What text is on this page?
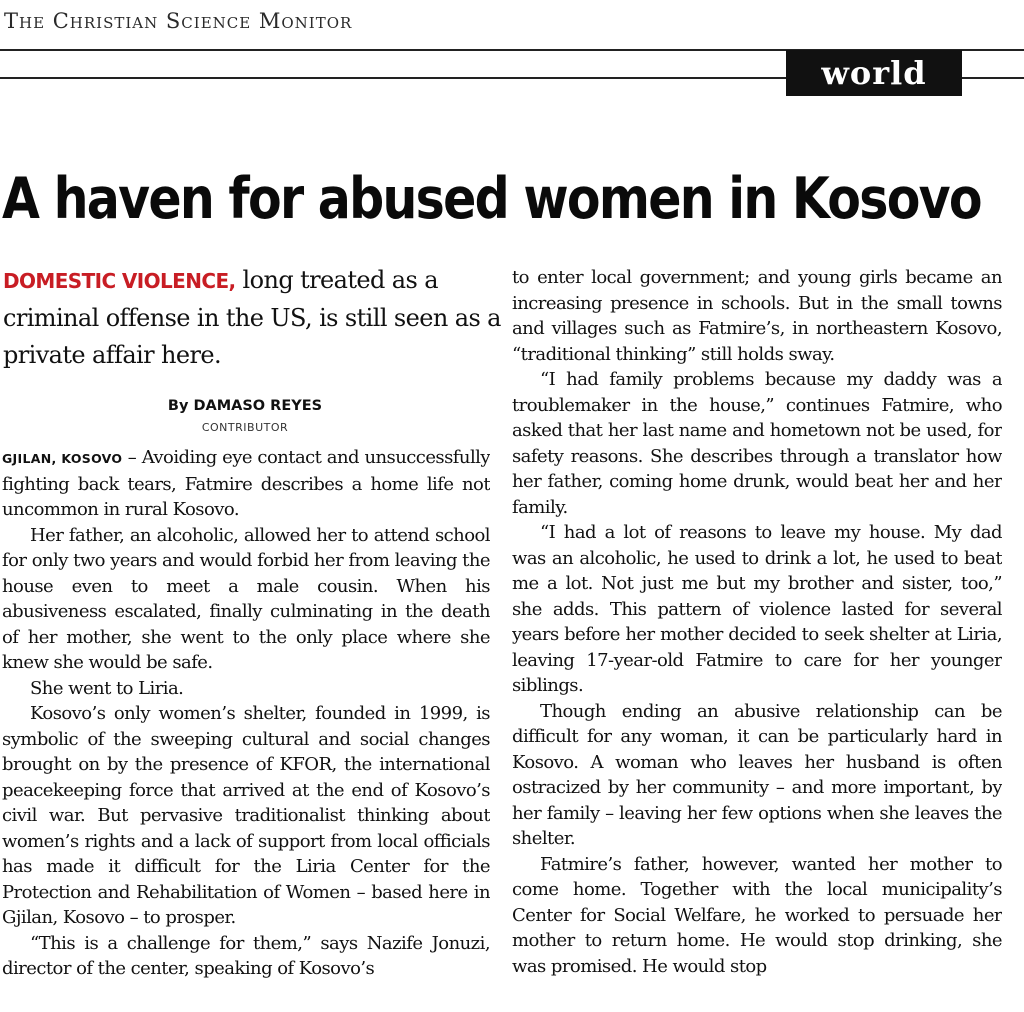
The Christian Science Monitor
world
A haven for abused women in Kosovo
DOMESTIC VIOLENCE, long treated as a criminal offense in the US, is still seen as a private affair here.
By DAMASO REYES
CONTRIBUTOR

GJILAN, KOSOVO – Avoiding eye contact and unsuccessfully fighting back tears, Fatmire describes a home life not uncommon in rural Kosovo.

Her father, an alcoholic, allowed her to attend school for only two years and would forbid her from leaving the house even to meet a male cousin. When his abusiveness escalated, finally culminating in the death of her mother, she went to the only place where she knew she would be safe.

She went to Liria.

Kosovo’s only women’s shelter, founded in 1999, is symbolic of the sweeping cultural and social changes brought on by the presence of KFOR, the international peacekeeping force that arrived at the end of Kosovo’s civil war. But pervasive traditionalist thinking about women’s rights and a lack of support from local officials has made it difficult for the Liria Center for the Protection and Rehabilitation of Women – based here in Gjilan, Kosovo – to prosper.

“This is a challenge for them,” says Nazife Jonuzi, director of the center, speaking of Kosovo’s

to enter local government; and young girls became an increasing presence in schools. But in the small towns and villages such as Fatmire’s, in northeastern Kosovo, “traditional thinking” still holds sway.

“I had family problems because my daddy was a troublemaker in the house,” continues Fatmire, who asked that her last name and hometown not be used, for safety reasons. She describes through a translator how her father, coming home drunk, would beat her and her family.

“I had a lot of reasons to leave my house. My dad was an alcoholic, he used to drink a lot, he used to beat me a lot. Not just me but my brother and sister, too,” she adds. This pattern of violence lasted for several years before her mother decided to seek shelter at Liria, leaving 17-year-old Fatmire to care for her younger siblings.

Though ending an abusive relationship can be difficult for any woman, it can be particularly hard in Kosovo. A woman who leaves her husband is often ostracized by her community – and more important, by her family – leaving her few options when she leaves the shelter.

Fatmire’s father, however, wanted her mother to come home. Together with the local municipality’s Center for Social Welfare, he worked to persuade her mother to return home. He would stop drinking, she was promised. He would stop
